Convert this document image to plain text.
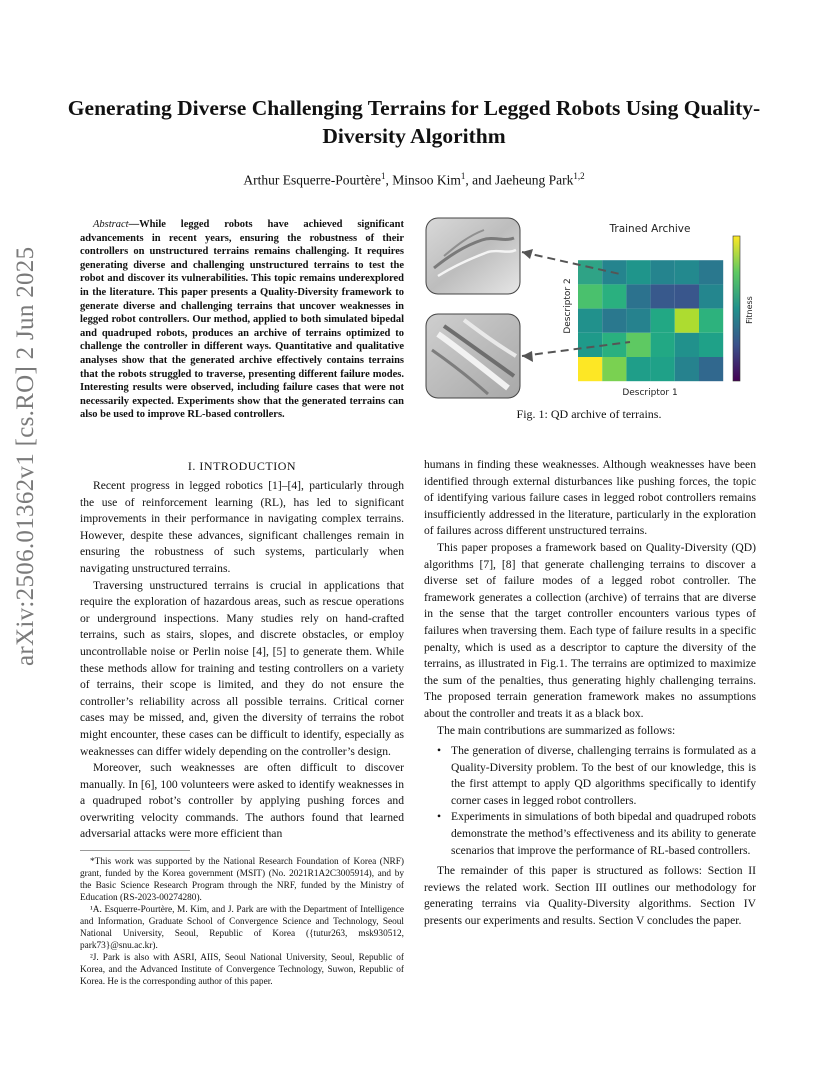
arXiv:2506.01362v1 [cs.RO] 2 Jun 2025
Generating Diverse Challenging Terrains for Legged Robots Using Quality-Diversity Algorithm
Arthur Esquerre-Pourtère$^1$, Minsoo Kim$^1$, and Jaeheung Park$^{1,2}$
Abstract—While legged robots have achieved significant advancements in recent years, ensuring the robustness of their controllers on unstructured terrains remains challenging. It requires generating diverse and challenging unstructured terrains to test the robot and discover its vulnerabilities. This topic remains underexplored in the literature. This paper presents a Quality-Diversity framework to generate diverse and challenging terrains that uncover weaknesses in legged robot controllers. Our method, applied to both simulated bipedal and quadruped robots, produces an archive of terrains optimized to challenge the controller in different ways. Quantitative and qualitative analyses show that the generated archive effectively contains terrains that the robots struggled to traverse, presenting different failure modes. Interesting results were observed, including failure cases that were not necessarily expected. Experiments show that the generated terrains can also be used to improve RL-based controllers.
I. INTRODUCTION

Recent progress in legged robotics [1]–[4], particularly through the use of reinforcement learning (RL), has led to significant improvements in their performance in navigating complex terrains. However, despite these advances, significant challenges remain in ensuring the robustness of such systems, particularly when navigating unstructured terrains.

Traversing unstructured terrains is crucial in applications that require the exploration of hazardous areas, such as rescue operations or underground inspections. Many studies rely on hand-crafted terrains, such as stairs, slopes, and discrete obstacles, or employ uncontrollable noise or Perlin noise [4], [5] to generate them. While these methods allow for training and testing controllers on a variety of terrains, their scope is limited, and they do not ensure the controller’s reliability across all possible terrains. Critical corner cases may be missed, and, given the diversity of terrains the robot might encounter, these cases can be difficult to identify, especially as weaknesses can differ widely depending on the controller’s design.

Moreover, such weaknesses are often difficult to discover manually. In [6], 100 volunteers were asked to identify weaknesses in a quadruped robot’s controller by applying pushing forces and overwriting velocity commands. The authors found that learned adversarial attacks were more efficient than

*This work was supported by the National Research Foundation of Korea (NRF) grant, funded by the Korea government (MSIT) (No. 2021R1A2C3005914), and by the Basic Science Research Program through the NRF, funded by the Ministry of Education (RS-2023-00274280).

¹A. Esquerre-Pourtère, M. Kim, and J. Park are with the Department of Intelligence and Information, Graduate School of Convergence Science and Technology, Seoul National University, Seoul, Republic of Korea ({tutur263, msk930512, park73}@snu.ac.kr).

²J. Park is also with ASRI, AIIS, Seoul National University, Seoul, Republic of Korea, and the Advanced Institute of Convergence Technology, Suwon, Republic of Korea. He is the corresponding author of this paper.

Trained Archive
Descriptor 1
Descriptor 2	Fitness
Fig. 1: QD archive of terrains.

humans in finding these weaknesses. Although weaknesses have been identified through external disturbances like pushing forces, the topic of identifying various failure cases in legged robot controllers remains insufficiently addressed in the literature, particularly in the exploration of failures across different unstructured terrains.

This paper proposes a framework based on Quality-Diversity (QD) algorithms [7], [8] that generate challenging terrains to discover a diverse set of failure modes of a legged robot controller. The framework generates a collection (archive) of terrains that are diverse in the sense that the target controller encounters various types of failures when traversing them. Each type of failure results in a specific penalty, which is used as a descriptor to capture the diversity of the terrains, as illustrated in Fig.1. The terrains are optimized to maximize the sum of the penalties, thus generating highly challenging terrains. The proposed terrain generation framework makes no assumptions about the controller and treats it as a black box.

The main contributions are summarized as follows:

• The generation of diverse, challenging terrains is formulated as a Quality-Diversity problem. To the best of our knowledge, this is the first attempt to apply QD algorithms specifically to identify corner cases in legged robot controllers.
• Experiments in simulations of both bipedal and quadruped robots demonstrate the method’s effectiveness and its ability to generate scenarios that improve the performance of RL-based controllers.

The remainder of this paper is structured as follows: Section II reviews the related work. Section III outlines our methodology for generating terrains via Quality-Diversity algorithms. Section IV presents our experiments and results. Section V concludes the paper.
